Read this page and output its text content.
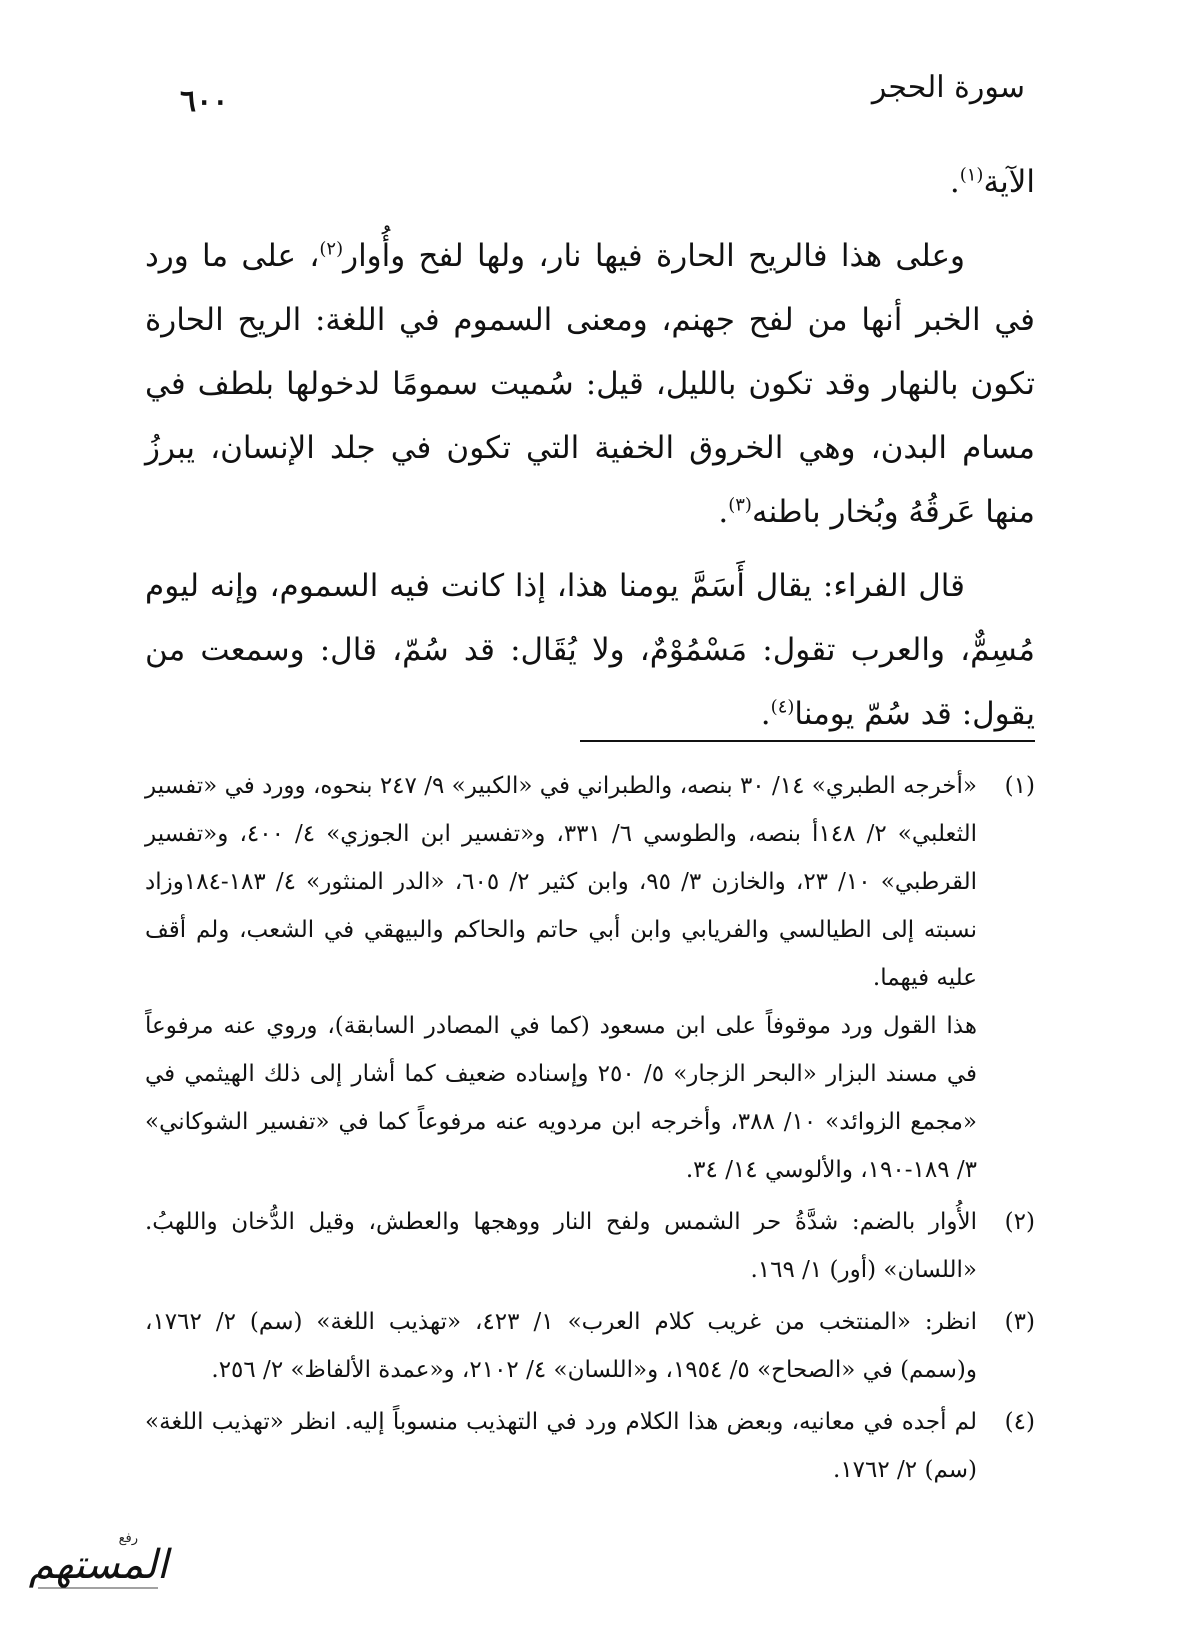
٦٠٠	سورة الحجر

الآية$^{(١)}$.

وعلى هذا فالريح الحارة فيها نار، ولها لفح وأُوار$^{(٢)}$، على ما ورد في الخبر أنها من لفح جهنم، ومعنى السموم في اللغة: الريح الحارة تكون بالنهار وقد تكون بالليل، قيل: سُميت سمومًا لدخولها بلطف في مسام البدن، وهي الخروق الخفية التي تكون في جلد الإنسان، يبرزُ منها عَرقُهُ وبُخار باطنه$^{(٣)}$.

قال الفراء: يقال أَسَمَّ يومنا هذا، إذا كانت فيه السموم، وإنه ليوم مُسِمٌّ، والعرب تقول: مَسْمُوْمٌ، ولا يُقَال: قد سُمّ، قال: وسمعت من يقول: قد سُمّ يومنا$^{(٤)}$.

(١)

«أخرجه الطبري» ١٤/ ٣٠ بنصه، والطبراني في «الكبير» ٩/ ٢٤٧ بنحوه، وورد في «تفسير الثعلبي» ٢/ ١٤٨أ بنصه، والطوسي ٦/ ٣٣١، و«تفسير ابن الجوزي» ٤/ ٤٠٠، و«تفسير القرطبي» ١٠/ ٢٣، والخازن ٣/ ٩٥، وابن كثير ٢/ ٦٠٥، «الدر المنثور» ٤/ ١٨٣-١٨٤وزاد نسبته إلى الطيالسي والفريابي وابن أبي حاتم والحاكم والبيهقي في الشعب، ولم أقف عليه فيهما.

هذا القول ورد موقوفاً على ابن مسعود (كما في المصادر السابقة)، وروي عنه مرفوعاً في مسند البزار «البحر الزجار» ٥/ ٢٥٠ وإسناده ضعيف كما أشار إلى ذلك الهيثمي في «مجمع الزوائد» ١٠/ ٣٨٨، وأخرجه ابن مردويه عنه مرفوعاً كما في «تفسير الشوكاني» ٣/ ١٨٩-١٩٠، والألوسي ١٤/ ٣٤.

(٢)
الأُوار بالضم: شدَّةُ حر الشمس ولفح النار ووهجها والعطش، وقيل الدُّخان واللهبُ. «اللسان» (أور) ١/ ١٦٩.
(٣)
انظر: «المنتخب من غريب كلام العرب» ١/ ٤٢٣، «تهذيب اللغة» (سم) ٢/ ١٧٦٢، و(سمم) في «الصحاح» ٥/ ١٩٥٤، و«اللسان» ٤/ ٢١٠٢، و«عمدة الألفاظ» ٢/ ٢٥٦.
(٤)
لم أجده في معانيه، وبعض هذا الكلام ورد في التهذيب منسوباً إليه. انظر «تهذيب اللغة» (سم) ٢/ ١٧٦٢.
رفع
المستهم
